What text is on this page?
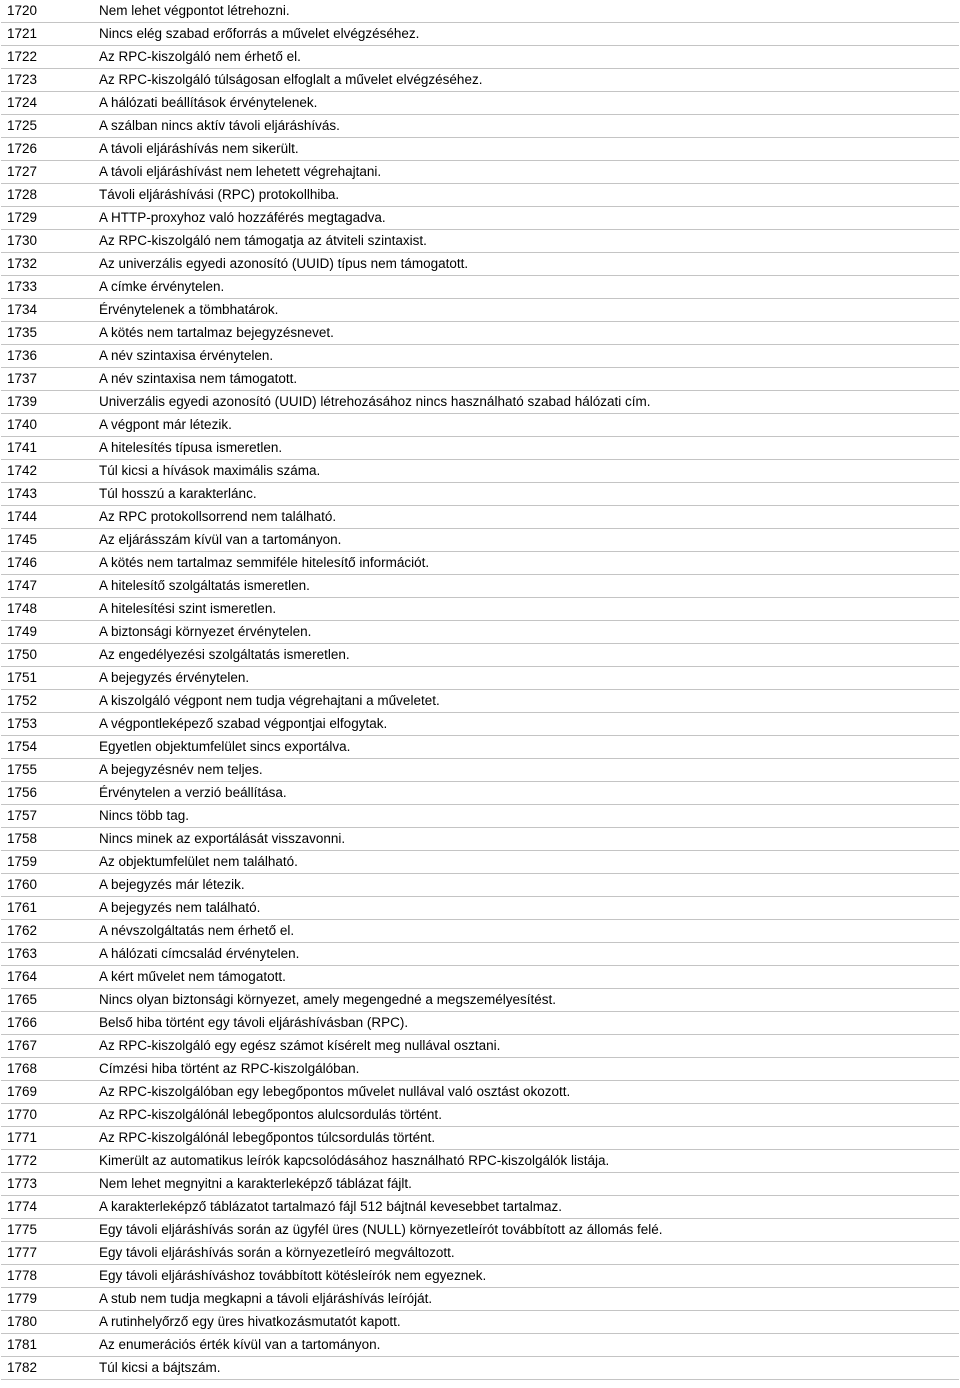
1720	Nem lehet végpontot létrehozni.
1721	Nincs elég szabad erőforrás a művelet elvégzéséhez.
1722	Az RPC-kiszolgáló nem érhető el.
1723	Az RPC-kiszolgáló túlságosan elfoglalt a művelet elvégzéséhez.
1724	A hálózati beállítások érvénytelenek.
1725	A szálban nincs aktív távoli eljáráshívás.
1726	A távoli eljáráshívás nem sikerült.
1727	A távoli eljáráshívást nem lehetett végrehajtani.
1728	Távoli eljáráshívási (RPC) protokollhiba.
1729	A HTTP-proxyhoz való hozzáférés megtagadva.
1730	Az RPC-kiszolgáló nem támogatja az átviteli szintaxist.
1732	Az univerzális egyedi azonosító (UUID) típus nem támogatott.
1733	A címke érvénytelen.
1734	Érvénytelenek a tömbhatárok.
1735	A kötés nem tartalmaz bejegyzésnevet.
1736	A név szintaxisa érvénytelen.
1737	A név szintaxisa nem támogatott.
1739	Univerzális egyedi azonosító (UUID) létrehozásához nincs használható szabad hálózati cím.
1740	A végpont már létezik.
1741	A hitelesítés típusa ismeretlen.
1742	Túl kicsi a hívások maximális száma.
1743	Túl hosszú a karakterlánc.
1744	Az RPC protokollsorrend nem található.
1745	Az eljárásszám kívül van a tartományon.
1746	A kötés nem tartalmaz semmiféle hitelesítő információt.
1747	A hitelesítő szolgáltatás ismeretlen.
1748	A hitelesítési szint ismeretlen.
1749	A biztonsági környezet érvénytelen.
1750	Az engedélyezési szolgáltatás ismeretlen.
1751	A bejegyzés érvénytelen.
1752	A kiszolgáló végpont nem tudja végrehajtani a műveletet.
1753	A végpontleképező szabad végpontjai elfogytak.
1754	Egyetlen objektumfelület sincs exportálva.
1755	A bejegyzésnév nem teljes.
1756	Érvénytelen a verzió beállítása.
1757	Nincs több tag.
1758	Nincs minek az exportálását visszavonni.
1759	Az objektumfelület nem található.
1760	A bejegyzés már létezik.
1761	A bejegyzés nem található.
1762	A névszolgáltatás nem érhető el.
1763	A hálózati címcsalád érvénytelen.
1764	A kért művelet nem támogatott.
1765	Nincs olyan biztonsági környezet, amely megengedné a megszemélyesítést.
1766	Belső hiba történt egy távoli eljáráshívásban (RPC).
1767	Az RPC-kiszolgáló egy egész számot kísérelt meg nullával osztani.
1768	Címzési hiba történt az RPC-kiszolgálóban.
1769	Az RPC-kiszolgálóban egy lebegőpontos művelet nullával való osztást okozott.
1770	Az RPC-kiszolgálónál lebegőpontos alulcsordulás történt.
1771	Az RPC-kiszolgálónál lebegőpontos túlcsordulás történt.
1772	Kimerült az automatikus leírók kapcsolódásához használható RPC-kiszolgálók listája.
1773	Nem lehet megnyitni a karakterleképző táblázat fájlt.
1774	A karakterleképző táblázatot tartalmazó fájl 512 bájtnál kevesebbet tartalmaz.
1775	Egy távoli eljáráshívás során az ügyfél üres (NULL) környezetleírót továbbított az állomás felé.
1777	Egy távoli eljáráshívás során a környezetleíró megváltozott.
1778	Egy távoli eljáráshíváshoz továbbított kötésleírók nem egyeznek.
1779	A stub nem tudja megkapni a távoli eljáráshívás leíróját.
1780	A rutinhelyőrző egy üres hivatkozásmutatót kapott.
1781	Az enumerációs érték kívül van a tartományon.
1782	Túl kicsi a bájtszám.
